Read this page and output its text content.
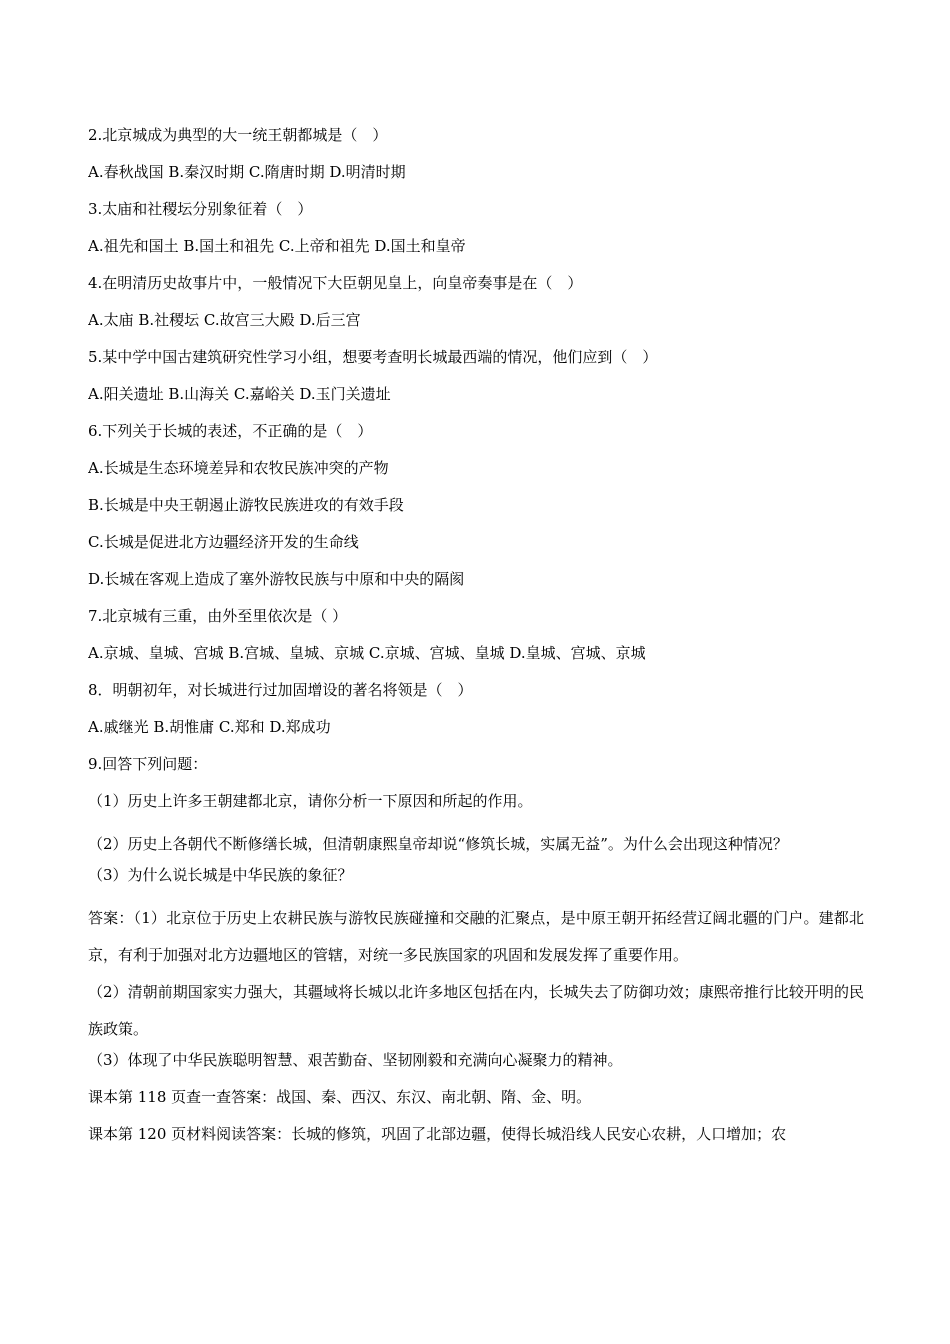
2.北京城成为典型的大一统王朝都城是（　）
A.春秋战国 B.秦汉时期 C.隋唐时期 D.明清时期
3.太庙和社稷坛分别象征着（　）
A.祖先和国土 B.国土和祖先 C.上帝和祖先 D.国土和皇帝
4.在明清历史故事片中，一般情况下大臣朝见皇上，向皇帝奏事是在（　）
A.太庙 B.社稷坛 C.故宫三大殿 D.后三宫
5.某中学中国古建筑研究性学习小组，想要考查明长城最西端的情况，他们应到（　）
A.阳关遗址 B.山海关 C.嘉峪关 D.玉门关遗址
6.下列关于长城的表述，不正确的是（　）
A.长城是生态环境差异和农牧民族冲突的产物
B.长城是中央王朝遏止游牧民族进攻的有效手段
C.长城是促进北方边疆经济开发的生命线
D.长城在客观上造成了塞外游牧民族与中原和中央的隔阂
7.北京城有三重，由外至里依次是（ ）
A.京城、皇城、宫城 B.宫城、皇城、京城 C.京城、宫城、皇城 D.皇城、宫城、京城
8．明朝初年，对长城进行过加固增设的著名将领是（　）
A.戚继光 B.胡惟庸 C.郑和 D.郑成功
9.回答下列问题：
（1）历史上许多王朝建都北京，请你分析一下原因和所起的作用。
（2）历史上各朝代不断修缮长城，但清朝康熙皇帝却说“修筑长城，实属无益”。为什么会出现这种情况？
（3）为什么说长城是中华民族的象征？
答案：（1）北京位于历史上农耕民族与游牧民族碰撞和交融的汇聚点，是中原王朝开拓经营辽阔北疆的门户。建都北京，有利于加强对北方边疆地区的管辖，对统一多民族国家的巩固和发展发挥了重要作用。
（2）清朝前期国家实力强大，其疆域将长城以北许多地区包括在内，长城失去了防御功效；康熙帝推行比较开明的民族政策。
（3）体现了中华民族聪明智慧、艰苦勤奋、坚韧刚毅和充满向心凝聚力的精神。
课本第 118 页查一查答案：战国、秦、西汉、东汉、南北朝、隋、金、明。
课本第 120 页材料阅读答案：长城的修筑，巩固了北部边疆，使得长城沿线人民安心农耕，人口增加；农
